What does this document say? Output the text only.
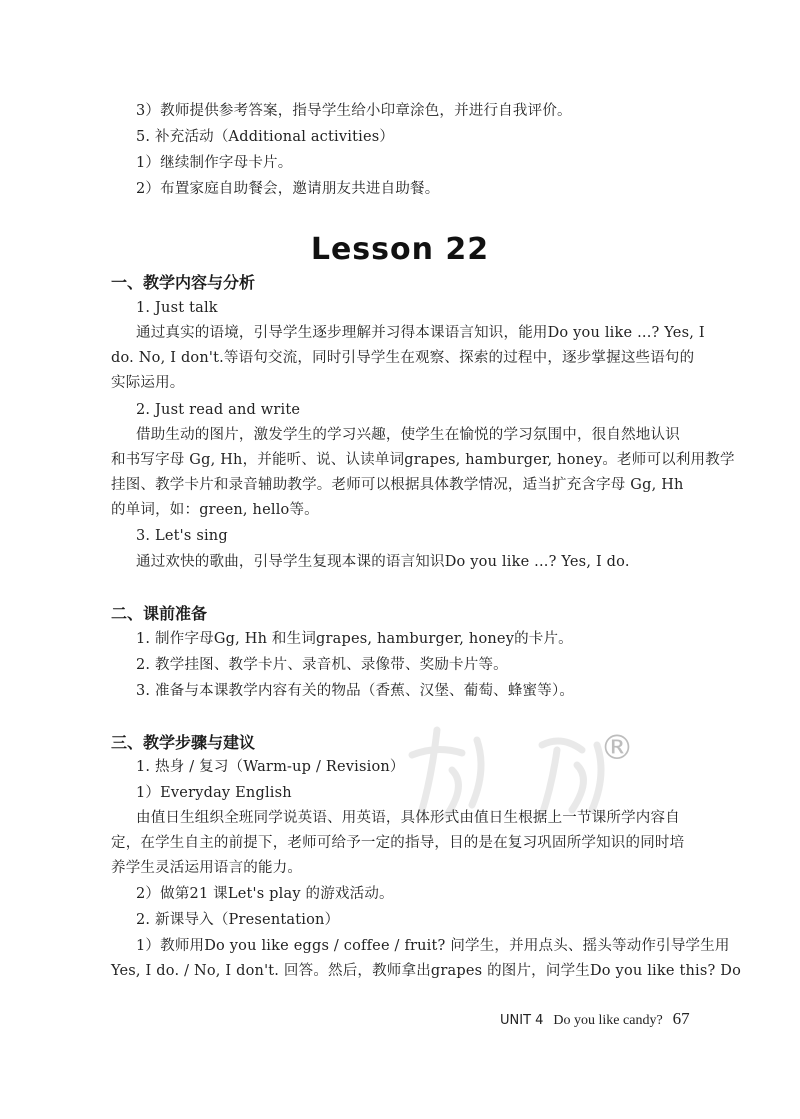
®
3）教师提供参考答案，指导学生给小印章涂色，并进行自我评价。
5. 补充活动（Additional activities）
1）继续制作字母卡片。
2）布置家庭自助餐会，邀请朋友共进自助餐。
Lesson 22
一、教学内容与分析
1. Just talk
通过真实的语境，引导学生逐步理解并习得本课语言知识，能用Do you like ...? Yes, I
do. No, I don't.等语句交流，同时引导学生在观察、探索的过程中，逐步掌握这些语句的
实际运用。
2. Just read and write
借助生动的图片，激发学生的学习兴趣，使学生在愉悦的学习氛围中，很自然地认识
和书写字母 Gg, Hh，并能听、说、认读单词grapes, hamburger, honey。老师可以利用教学
挂图、教学卡片和录音辅助教学。老师可以根据具体教学情况，适当扩充含字母 Gg, Hh
的单词，如：green, hello等。
3. Let's sing
通过欢快的歌曲，引导学生复现本课的语言知识Do you like ...? Yes, I do.
二、课前准备
1. 制作字母Gg, Hh 和生词grapes, hamburger, honey的卡片。
2. 教学挂图、教学卡片、录音机、录像带、奖励卡片等。
3. 准备与本课教学内容有关的物品（香蕉、汉堡、葡萄、蜂蜜等）。
三、教学步骤与建议
1. 热身 / 复习（Warm-up / Revision）
1）Everyday English
由值日生组织全班同学说英语、用英语，具体形式由值日生根据上一节课所学内容自
定，在学生自主的前提下，老师可给予一定的指导，目的是在复习巩固所学知识的同时培
养学生灵活运用语言的能力。
2）做第21 课Let's play 的游戏活动。
2. 新课导入（Presentation）
1）教师用Do you like eggs / coffee / fruit? 问学生，并用点头、摇头等动作引导学生用
Yes, I do. / No, I don't. 回答。然后，教师拿出grapes 的图片，问学生Do you like this? Do
UNIT 4 Do you like candy? 67
